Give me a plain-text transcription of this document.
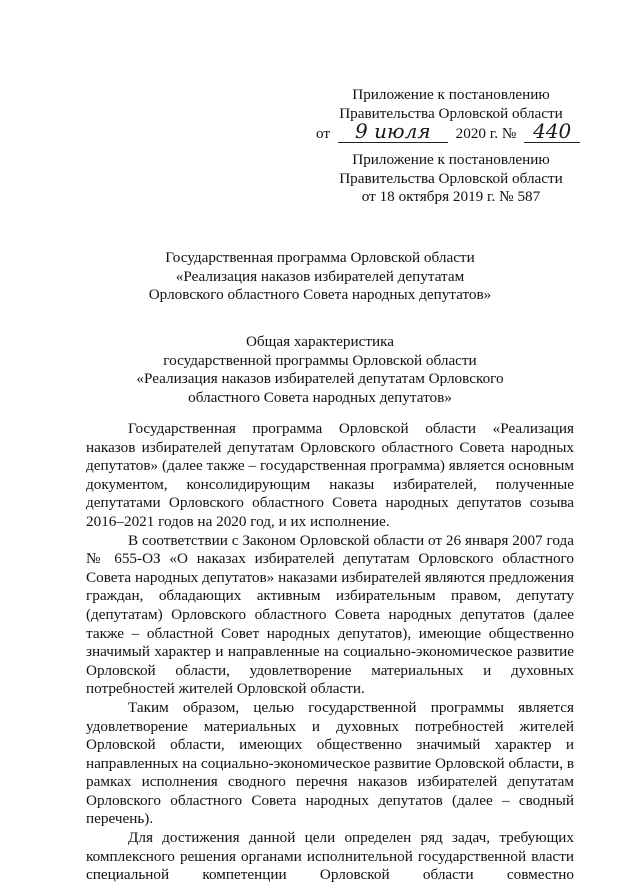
Приложение к постановлению
Правительства Орловской области
от 9 июля 2020 г. № 440
Приложение к постановлению
Правительства Орловской области
от 18 октября 2019 г. № 587
Государственная программа Орловской области
«Реализация наказов избирателей депутатам
Орловского областного Совета народных депутатов»
Общая характеристика
государственной программы Орловской области
«Реализация наказов избирателей депутатам Орловского
областного Совета народных депутатов»

Государственная программа Орловской области «Реализация наказов избирателей депутатам Орловского областного Совета народных депутатов» (далее также – государственная программа) является основным документом, консолидирующим наказы избирателей, полученные депутатами Орловского областного Совета народных депутатов созыва 2016–2021 годов на 2020 год, и их исполнение.

В соответствии с Законом Орловской области от 26 января 2007 года № 655-ОЗ «О наказах избирателей депутатам Орловского областного Совета народных депутатов» наказами избирателей являются предложения граждан, обладающих активным избирательным правом, депутату (депутатам) Орловского областного Совета народных депутатов (далее также – областной Совет народных депутатов), имеющие общественно значимый характер и направленные на социально-экономическое развитие Орловской области, удовлетворение материальных и духовных потребностей жителей Орловской области.

Таким образом, целью государственной программы является удовлетворение материальных и духовных потребностей жителей Орловской области, имеющих общественно значимый характер и направленных на социально-экономическое развитие Орловской области, в рамках исполнения сводного перечня наказов избирателей депутатам Орловского областного Совета народных депутатов (далее – сводный перечень).

Для достижения данной цели определен ряд задач, требующих комплексного решения органами исполнительной государственной власти специальной компетенции Орловской области совместно
